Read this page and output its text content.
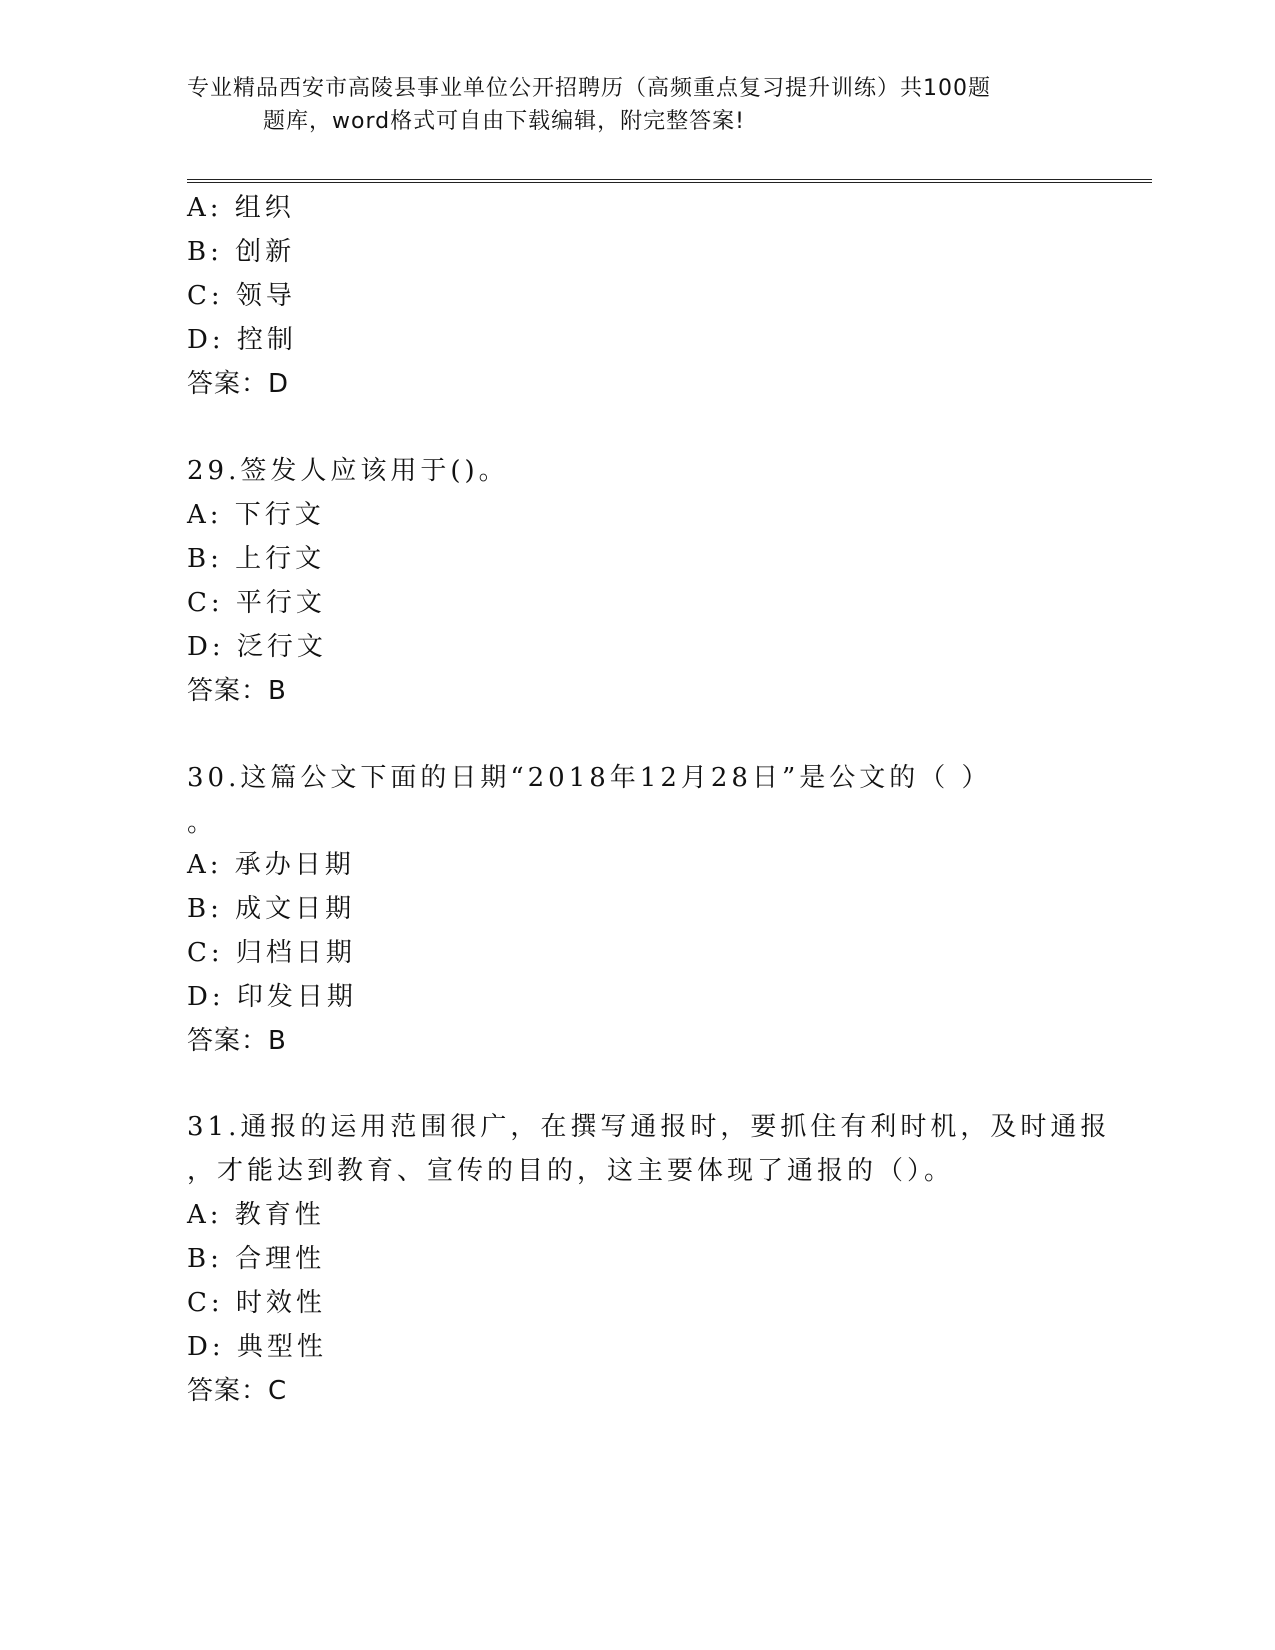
专业精品西安市高陵县事业单位公开招聘历（高频重点复习提升训练）共100题
题库，word格式可自由下载编辑，附完整答案!
A: 组织
B: 创新
C: 领导
D: 控制
答案：D
29.签发人应该用于()。
A: 下行文
B: 上行文
C: 平行文
D: 泛行文
答案：B
30.这篇公文下面的日期“2018年12月28日”是公文的（ ）
。
A: 承办日期
B: 成文日期
C: 归档日期
D: 印发日期
答案：B
31.通报的运用范围很广，在撰写通报时，要抓住有利时机，及时通报
，才能达到教育、宣传的目的，这主要体现了通报的（）。
A: 教育性
B: 合理性
C: 时效性
D: 典型性
答案：C
